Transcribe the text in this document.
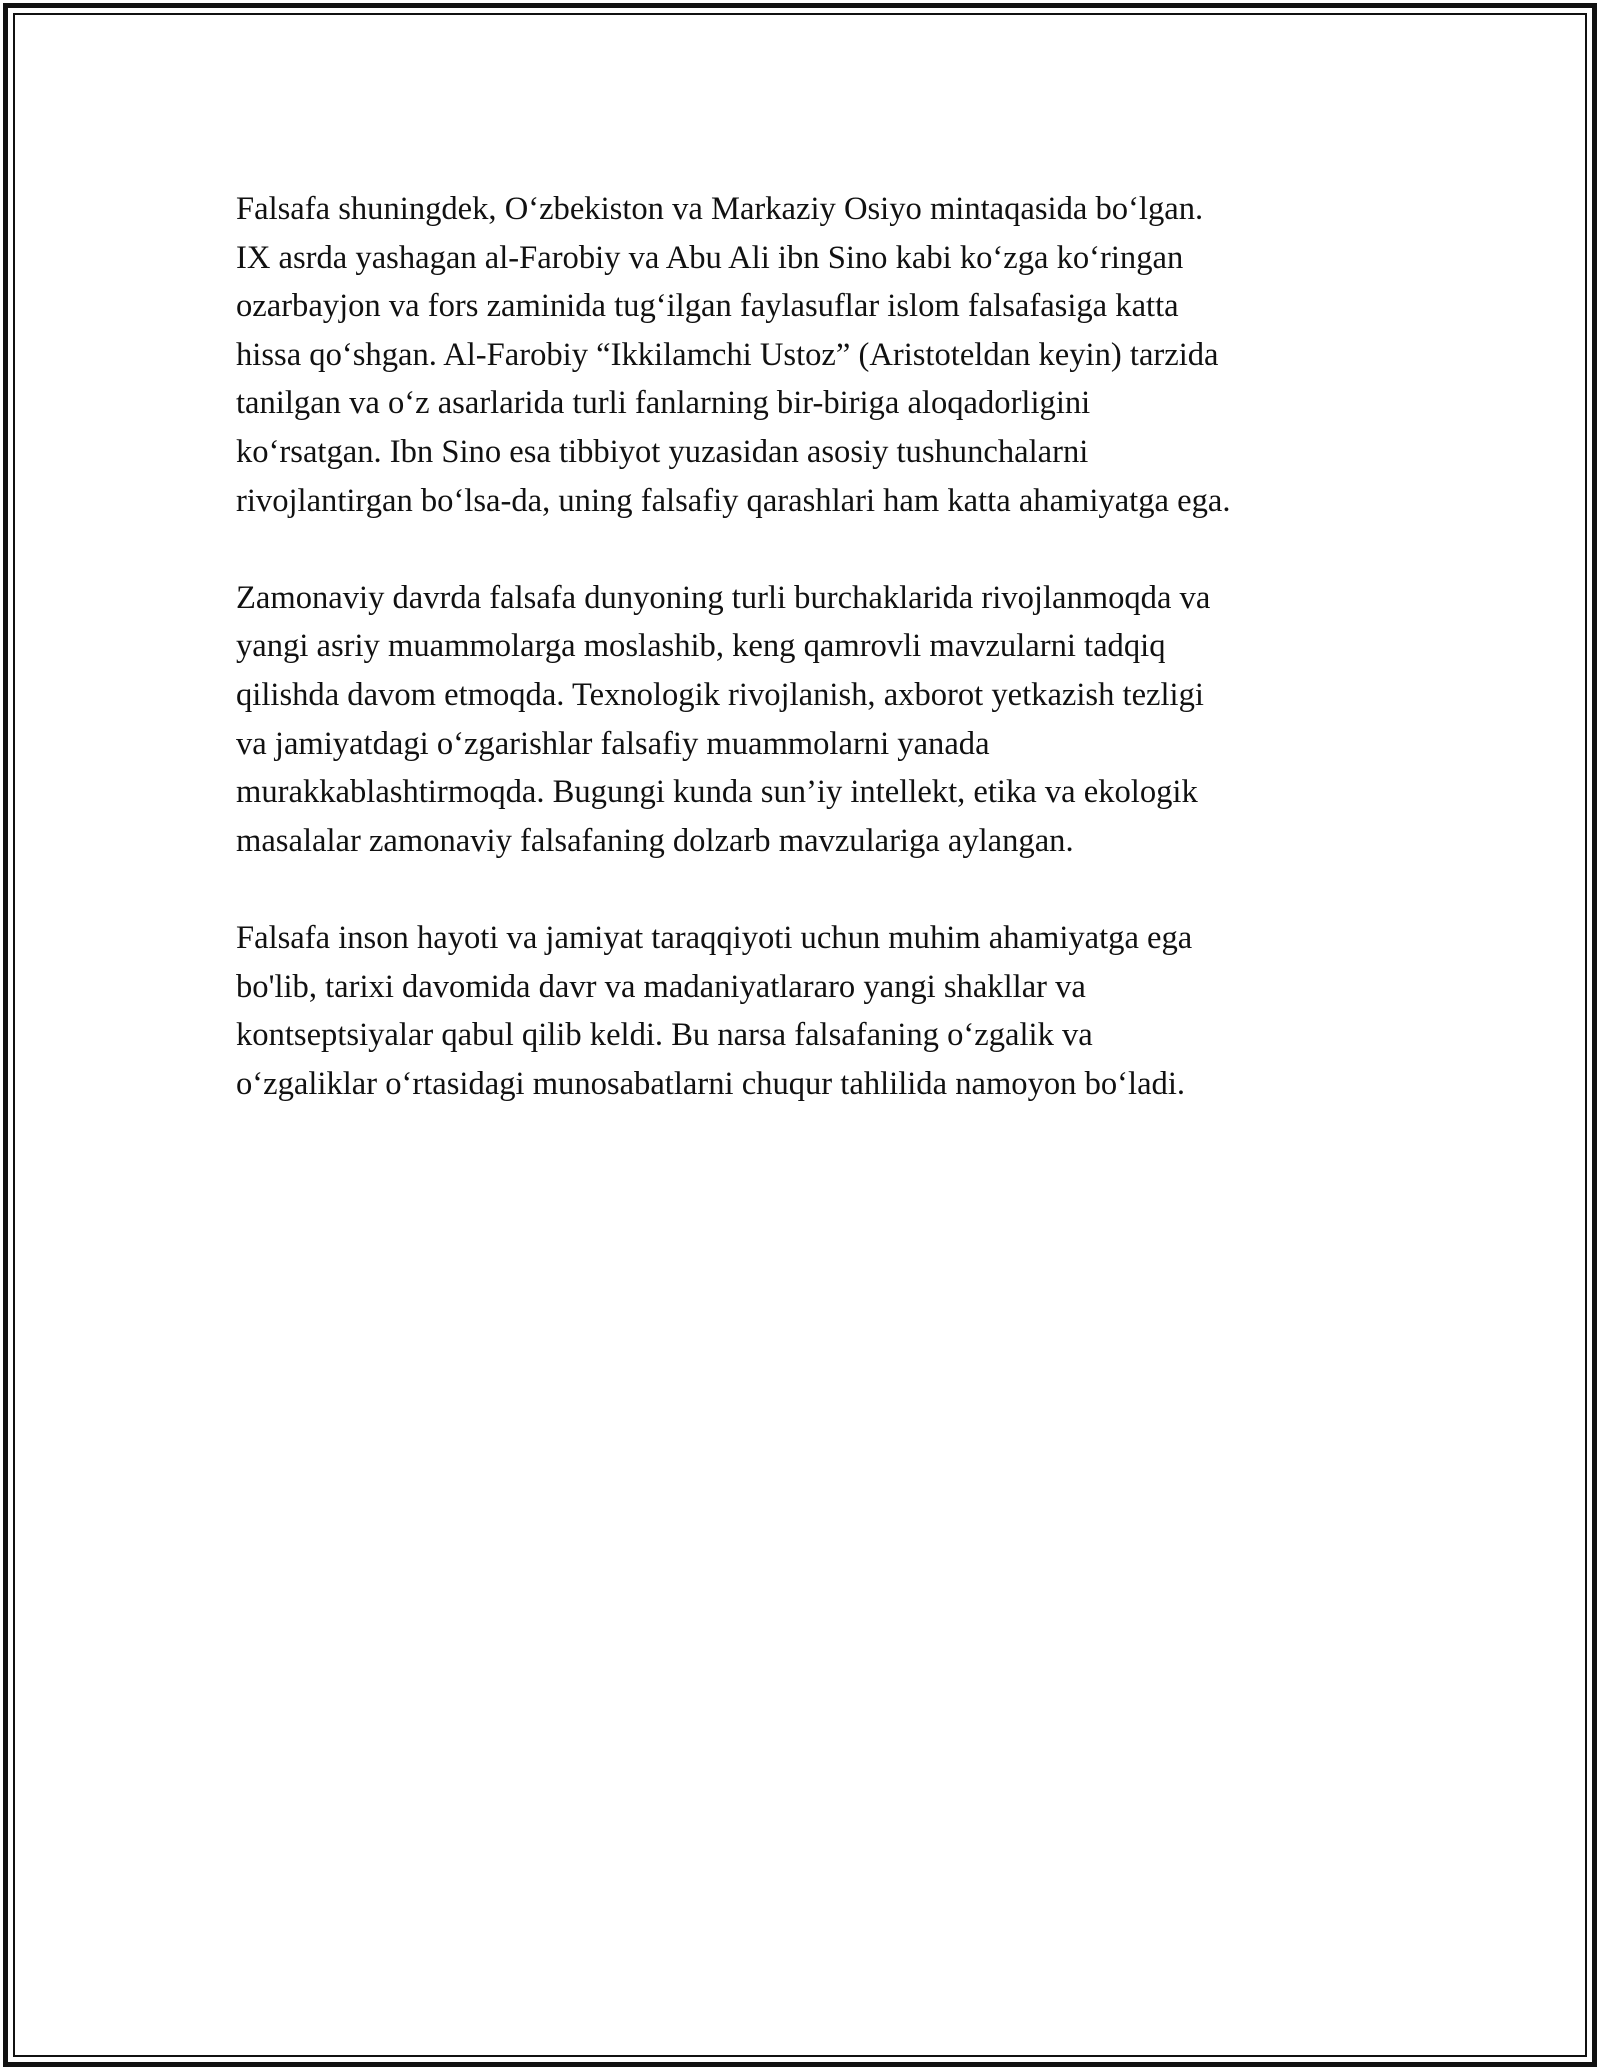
Falsafa shuningdek, O‘zbekiston va Markaziy Osiyo mintaqasida bo‘lgan.
IX asrda yashagan al-Farobiy va Abu Ali ibn Sino kabi ko‘zga ko‘ringan
ozarbayjon va fors zaminida tug‘ilgan faylasuflar islom falsafasiga katta
hissa qo‘shgan. Al-Farobiy “Ikkilamchi Ustoz” (Aristoteldan keyin) tarzida
tanilgan va o‘z asarlarida turli fanlarning bir-biriga aloqadorligini
ko‘rsatgan. Ibn Sino esa tibbiyot yuzasidan asosiy tushunchalarni
rivojlantirgan bo‘lsa-da, uning falsafiy qarashlari ham katta ahamiyatga ega.

Zamonaviy davrda falsafa dunyoning turli burchaklarida rivojlanmoqda va
yangi asriy muammolarga moslashib, keng qamrovli mavzularni tadqiq
qilishda davom etmoqda. Texnologik rivojlanish, axborot yetkazish tezligi
va jamiyatdagi o‘zgarishlar falsafiy muammolarni yanada
murakkablashtirmoqda. Bugungi kunda sun’iy intellekt, etika va ekologik
masalalar zamonaviy falsafaning dolzarb mavzulariga aylangan.

Falsafa inson hayoti va jamiyat taraqqiyoti uchun muhim ahamiyatga ega
bo'lib, tarixi davomida davr va madaniyatlararo yangi shakllar va
kontseptsiyalar qabul qilib keldi. Bu narsa falsafaning o‘zgalik va
o‘zgaliklar o‘rtasidagi munosabatlarni chuqur tahlilida namoyon bo‘ladi.
